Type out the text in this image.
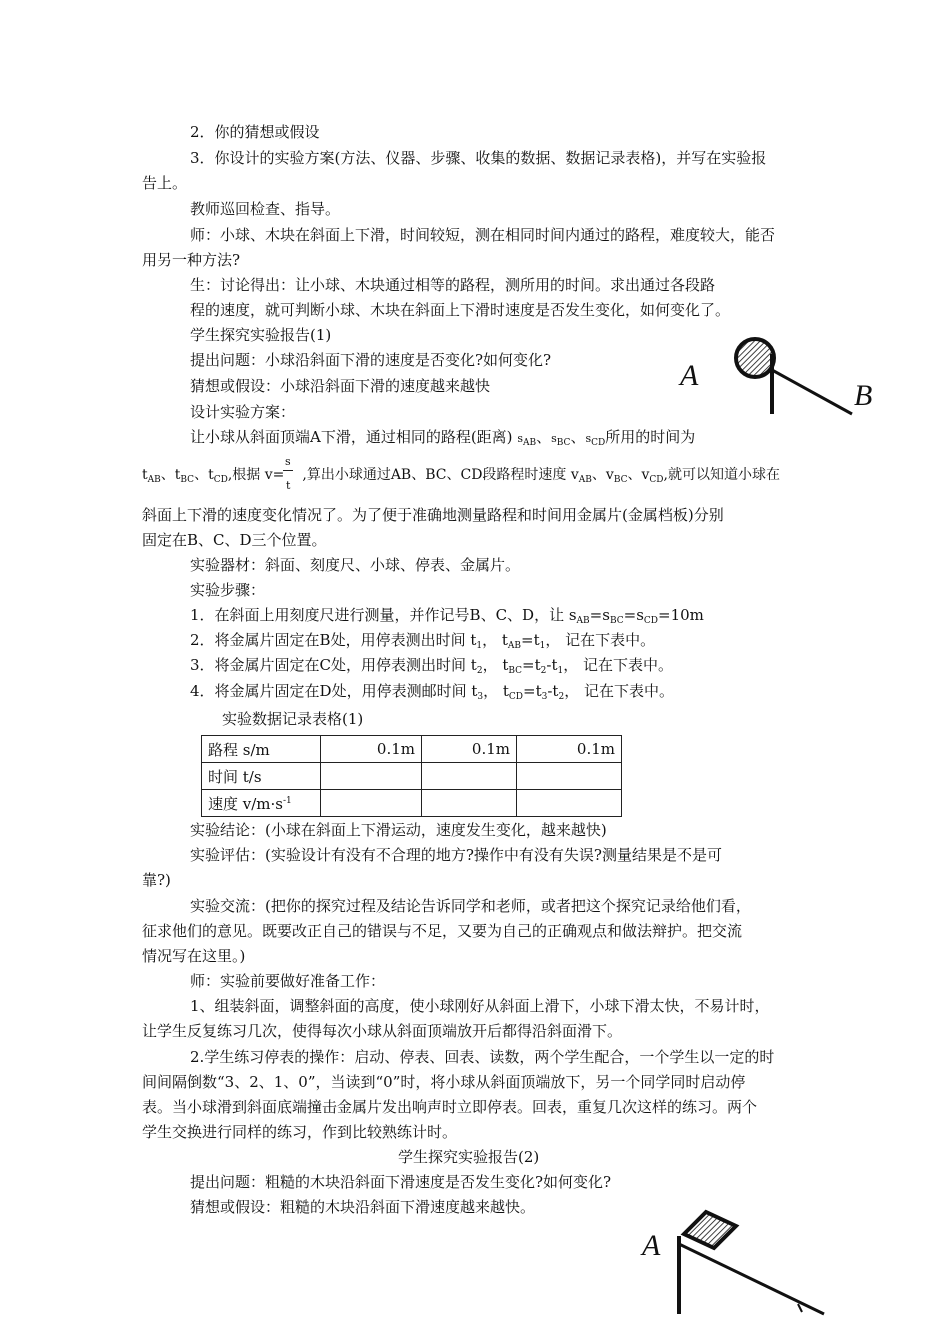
2．你的猜想或假设
3．你设计的实验方案(方法、仪器、步骤、收集的数据、数据记录表格)，并写在实验报
告上。
教师巡回检查、指导。
师：小球、木块在斜面上下滑，时间较短，测在相同时间内通过的路程，难度较大，能否
用另一种方法?
生：讨论得出：让小球、木块通过相等的路程，测所用的时间。求出通过各段路
程的速度，就可判断小球、木块在斜面上下滑时速度是否发生变化，如何变化了。
学生探究实验报告(1)
提出问题：小球沿斜面下滑的速度是否变化?如何变化?
猜想或假设：小球沿斜面下滑的速度越来越快
设计实验方案：
让小球从斜面顶端A下滑，通过相同的路程(距离) $s_{AB}$、$s_{BC}$、$s_{CD}$所用的时间为
$t_{AB}$、$t_{BC}$、$t_{CD}$,根据 v= ,算出小球通过AB、BC、CD段路程时速度 $v_{AB}$、$v_{BC}$、$v_{CD}$,就可以知道小球在
s
t
斜面上下滑的速度变化情况了。为了便于准确地测量路程和时间用金属片(金属档板)分别
固定在B、C、D三个位置。
实验器材：斜面、刻度尺、小球、停表、金属片。
实验步骤：
1．在斜面上用刻度尺进行测量，并作记号B、C、D，让 $s_{AB}=s_{BC}=s_{CD}=10m$
2．将金属片固定在B处，用停表测出时间 $t_1$， $t_{AB}=t_1$， 记在下表中。
3．将金属片固定在C处，用停表测出时间 $t_2$， $t_{BC}=t_2-t_1$， 记在下表中。
4．将金属片固定在D处，用停表测邮时间 $t_3$， $t_{CD}=t_3-t_2$， 记在下表中。
实验数据记录表格(1)
路程 s/m	0.1m	0.1m	0.1m
时间 t/s			
速度 $v/m\cdot s^{-1}$			
实验结论：(小球在斜面上下滑运动，速度发生变化，越来越快)
实验评估：(实验设计有没有不合理的地方?操作中有没有失误?测量结果是不是可
靠?)
实验交流：(把你的探究过程及结论告诉同学和老师，或者把这个探究记录给他们看，
征求他们的意见。既要改正自己的错误与不足，又要为自己的正确观点和做法辩护。把交流
情况写在这里。)
师：实验前要做好准备工作：
1、组装斜面，调整斜面的高度，使小球刚好从斜面上滑下，小球下滑太快，不易计时，
让学生反复练习几次，使得每次小球从斜面顶端放开后都得沿斜面滑下。
2.学生练习停表的操作：启动、停表、回表、读数，两个学生配合，一个学生以一定的时
间间隔倒数“3、2、1、0”，当读到“0”时，将小球从斜面顶端放下，另一个同学同时启动停
表。当小球滑到斜面底端撞击金属片发出响声时立即停表。回表，重复几次这样的练习。两个
学生交换进行同样的练习，作到比较熟练计时。
学生探究实验报告(2)
提出问题：粗糙的木块沿斜面下滑速度是否发生变化?如何变化?
猜想或假设：粗糙的木块沿斜面下滑速度越来越快。
A
B
A
